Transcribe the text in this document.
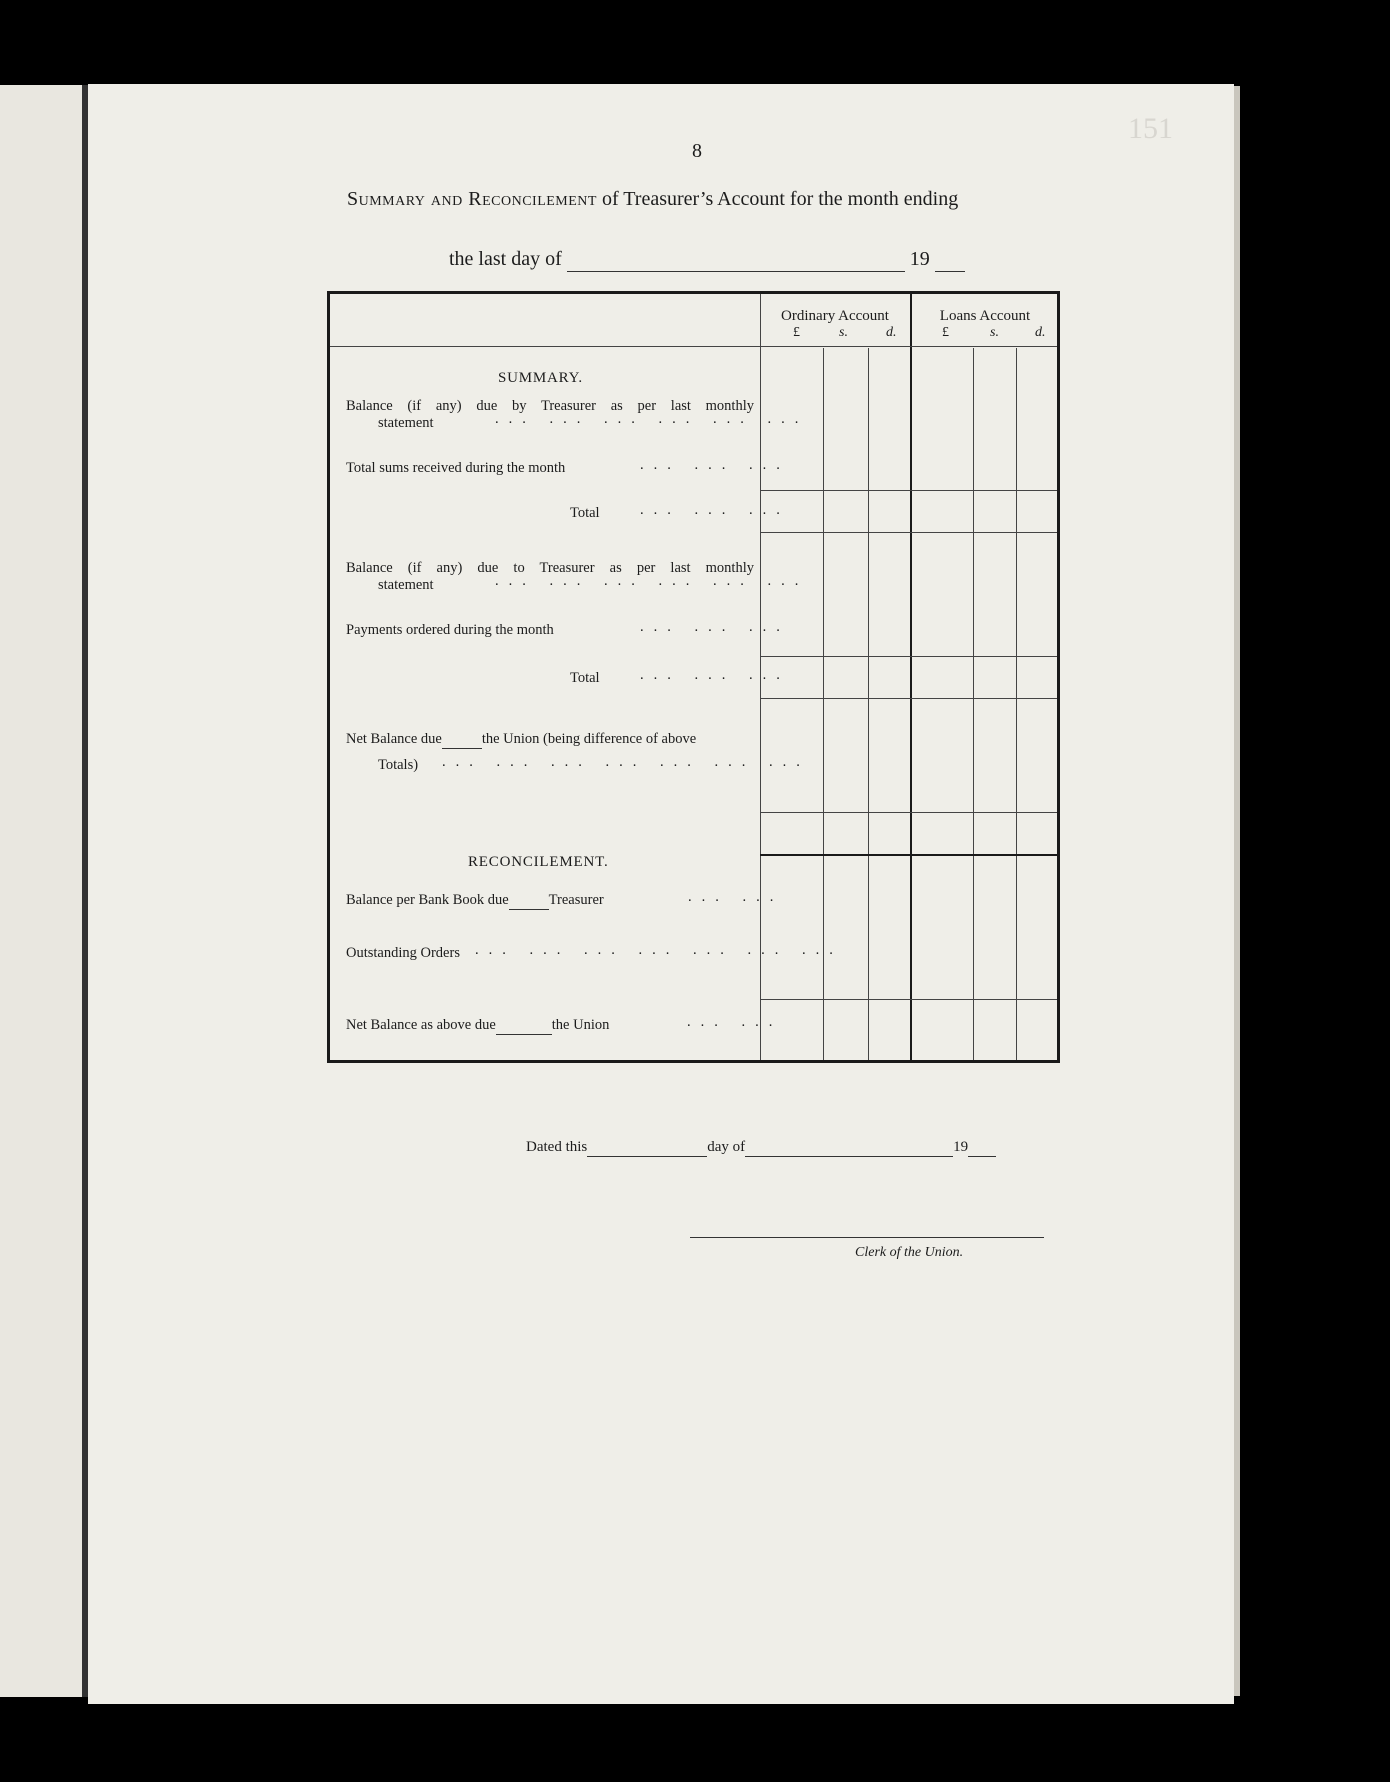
151
8
Summary and Reconcilement of Treasurer’s Account for the month ending
the last day of	19
Ordinary Account	Loans Account
£	s.	d.	£	s.	d.
SUMMARY.
Balance (if any) due by Treasurer as per last monthly
statement	... ... ... ... ... ...
Total sums received during the month	... ... ...
Total	... ... ...
Balance (if any) due to Treasurer as per last monthly
statement	... ... ... ... ... ...
Payments ordered during the month	... ... ...
Total	... ... ...
Net Balance due	the Union (being difference of above
Totals) ... ... ... ... ... ... ...
RECONCILEMENT.
Balance per Bank Book due	Treasurer	... ...
Outstanding Orders ... ... ... ... ... ... ...
Net Balance as above due	the Union	... ...
Dated this	day of	19
Clerk of the Union.
